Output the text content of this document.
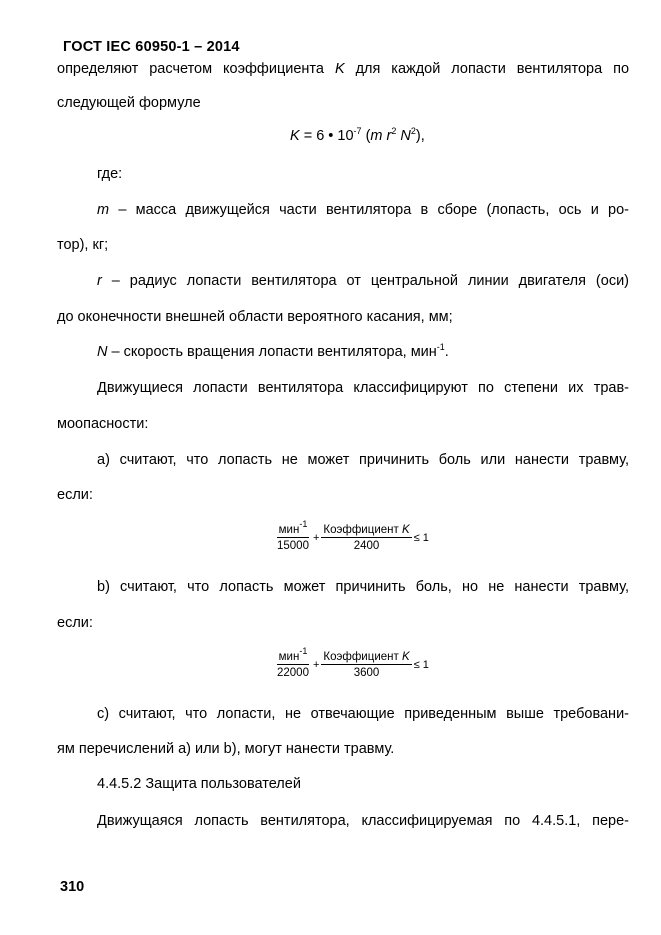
ГОСТ IEC 60950-1 – 2014
определяют расчетом коэффициента K для каждой лопасти вентилятора по
следующей формуле
K = 6 • $10^{-7}$ (m $r^2$ $N^2$),
где:
m – масса движущейся части вентилятора в сборе (лопасть, ось и ро-
тор), кг;
r – радиус лопасти вентилятора от центральной линии двигателя (оси)
до оконечности внешней области вероятного касания, мм;
N – скорость вращения лопасти вентилятора, мин$^{-1}$.
Движущиеся лопасти вентилятора классифицируют по степени их трав-
моопасности:
a) считают, что лопасть не может причинить боль или нанести травму,
если:
$\frac{мин^{-1}}{15000} + \frac{\text{Коэффициент K}}{2400} \le 1$
b) считают, что лопасть может причинить боль, но не нанести травму,
если:
$\frac{мин^{-1}}{22000} + \frac{\text{Коэффициент K}}{3600} \le 1$
c) считают, что лопасти, не отвечающие приведенным выше требовани-
ям перечислений a) или b), могут нанести травму.
4.4.5.2 Защита пользователей
Движущаяся лопасть вентилятора, классифицируемая по 4.4.5.1, пере-
310
